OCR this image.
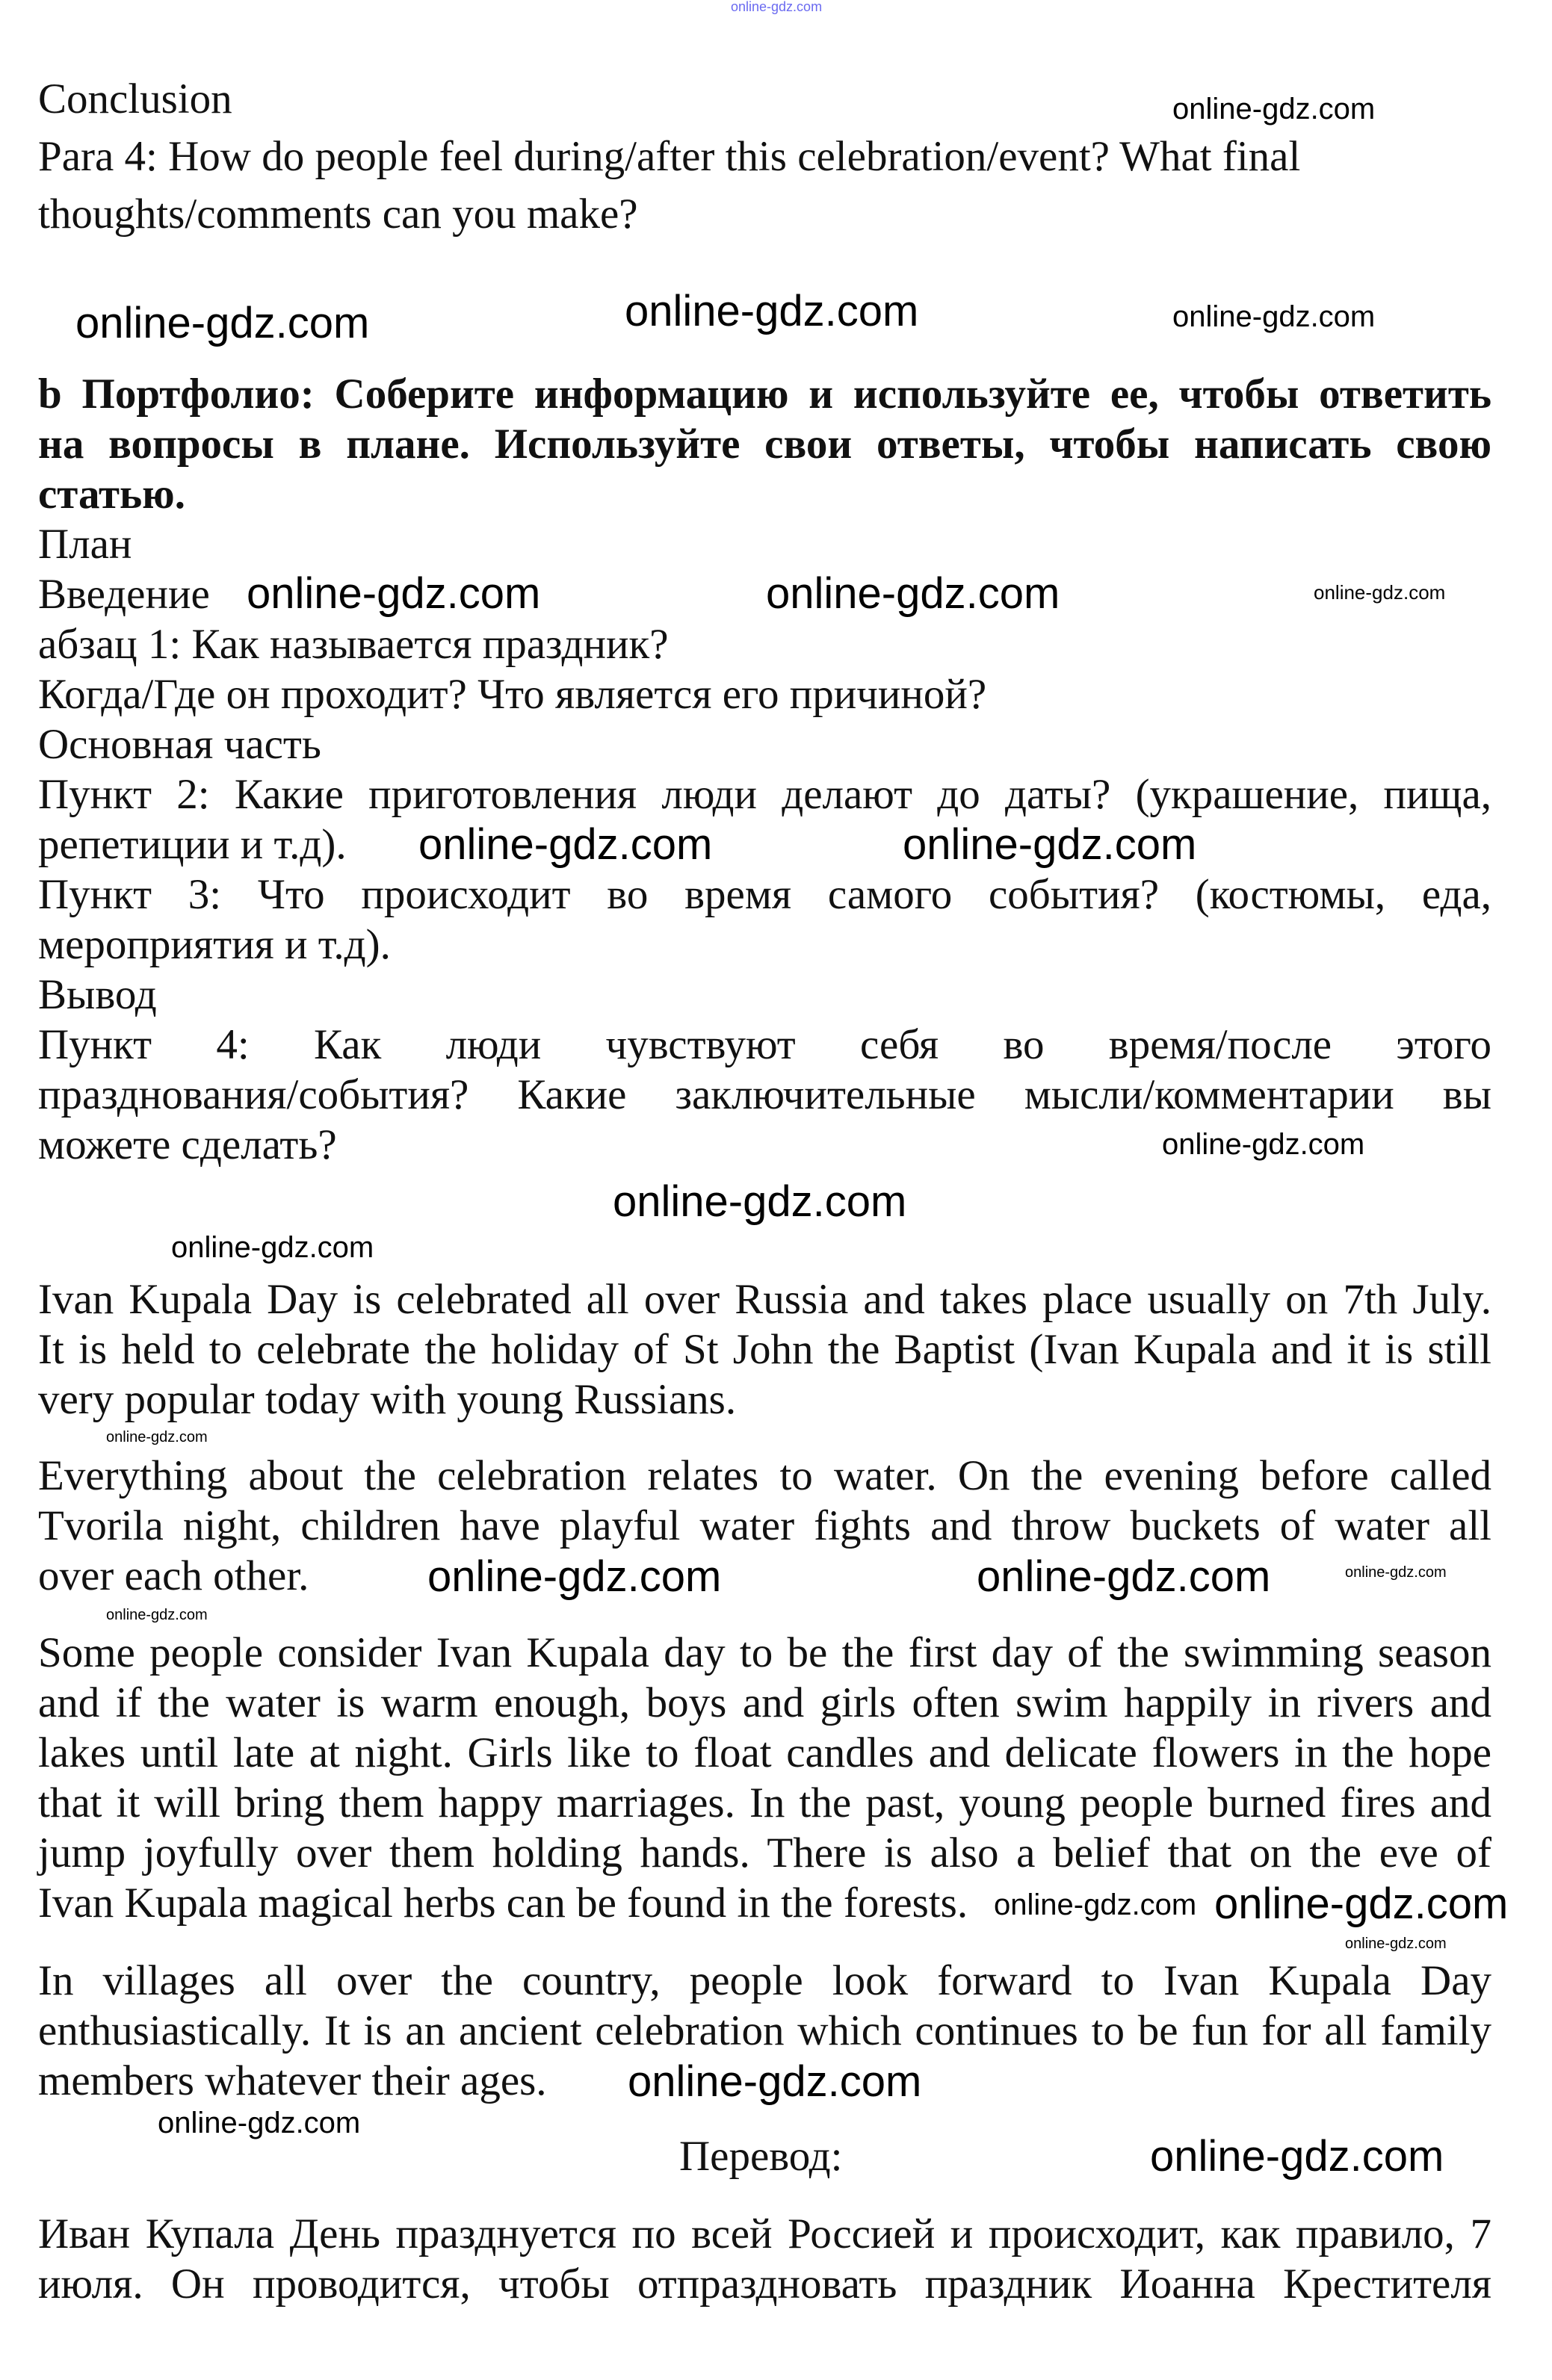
Conclusion
Para 4: How do people feel during/after this celebration/event? What final
thoughts/comments can you make?
b Портфолио: Соберите информацию и используйте ее, чтобы ответить
на вопросы в плане. Используйте свои ответы, чтобы написать свою
статью.
План
Введение
абзац 1: Как называется праздник?
Когда/Где он проходит? Что является его причиной?
Основная часть
Пункт 2: Какие приготовления люди делают до даты? (украшение, пища,
репетиции и т.д).
Пункт 3: Что происходит во время самого события? (костюмы, еда,
мероприятия и т.д).
Вывод
Пункт 4: Как люди чувствуют себя во время/после этого
празднования/события? Какие заключительные мысли/комментарии вы
можете сделать?
Ivan Kupala Day is celebrated all over Russia and takes place usually on 7th July.
It is held to celebrate the holiday of St John the Baptist (Ivan Kupala and it is still
very popular today with young Russians.
Everything about the celebration relates to water. On the evening before called
Tvorila night, children have playful water fights and throw buckets of water all
over each other.
Some people consider Ivan Kupala day to be the first day of the swimming season
and if the water is warm enough, boys and girls often swim happily in rivers and
lakes until late at night. Girls like to float candles and delicate flowers in the hope
that it will bring them happy marriages. In the past, young people burned fires and
jump joyfully over them holding hands. There is also a belief that on the eve of
Ivan Kupala magical herbs can be found in the forests.
In villages all over the country, people look forward to Ivan Kupala Day
enthusiastically. It is an ancient celebration which continues to be fun for all family
members whatever their ages.
Перевод:
Иван Купала День празднуется по всей Россией и происходит, как правило, 7
июля. Он проводится, чтобы отпраздновать праздник Иоанна Крестителя
online-gdz.com
online-gdz.com
online-gdz.com	online-gdz.com	online-gdz.com
online-gdz.com	online-gdz.com	online-gdz.com
online-gdz.com	online-gdz.com
online-gdz.com
online-gdz.com
online-gdz.com
online-gdz.com
online-gdz.com
online-gdz.com	online-gdz.com
online-gdz.com
online-gdz.com
online-gdz.com
online-gdz.com
online-gdz.com
online-gdz.com
online-gdz.com
